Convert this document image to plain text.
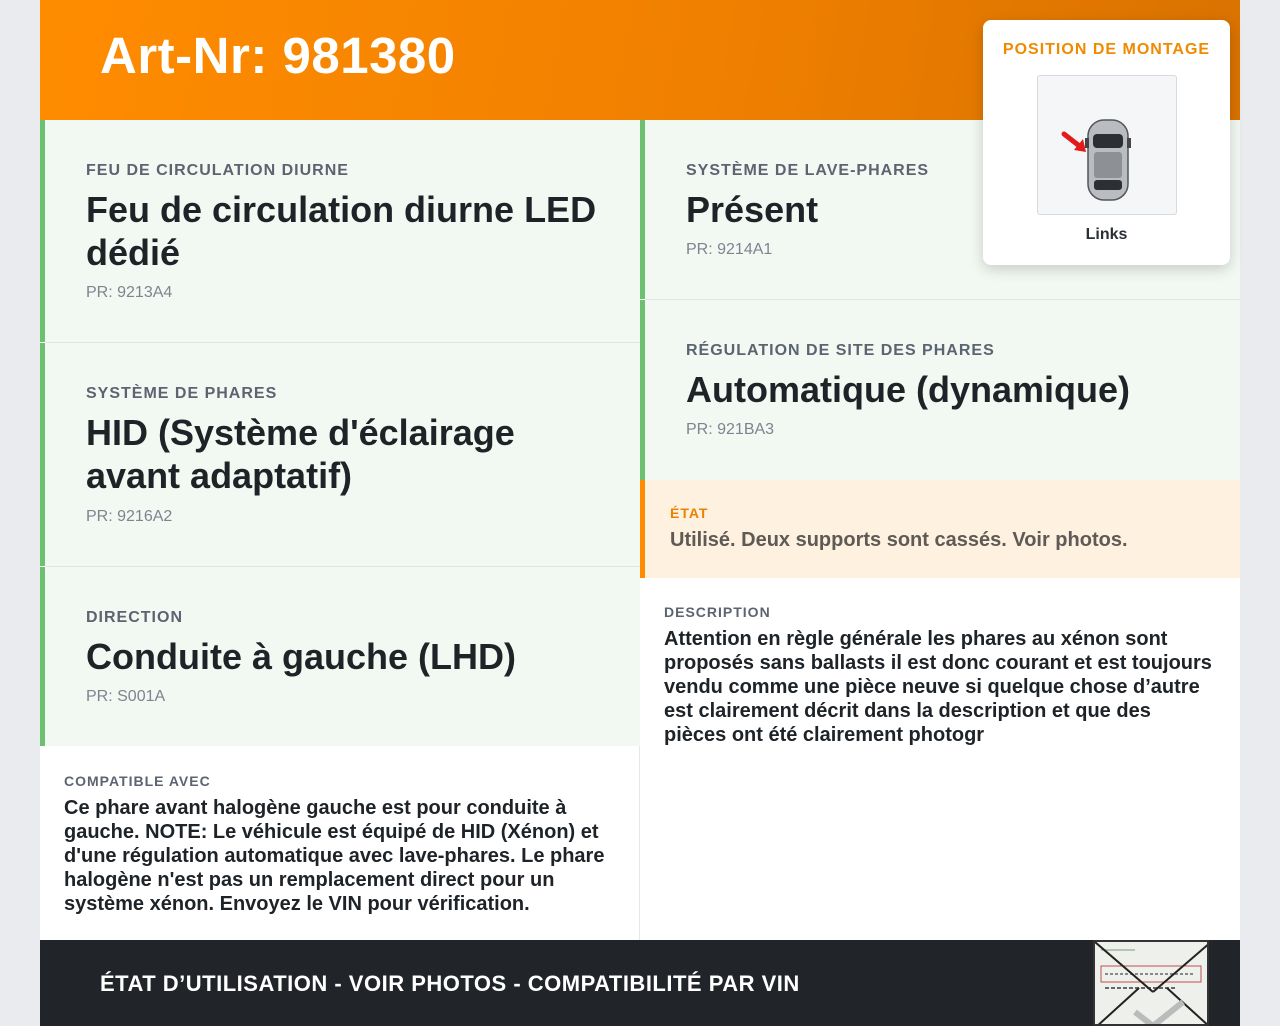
Art-Nr: 981380
FEU DE CIRCULATION DIURNE
Feu de circulation diurne LED
dédié
PR: 9213A4
SYSTÈME DE PHARES
HID (Système d'éclairage
avant adaptatif)
PR: 9216A2
DIRECTION
Conduite à gauche (LHD)
PR: S001A
SYSTÈME DE LAVE-PHARES
Présent
PR: 9214A1
RÉGULATION DE SITE DES PHARES
Automatique (dynamique)
PR: 921BA3
ÉTAT
Utilisé. Deux supports sont cassés. Voir photos.
COMPATIBLE AVEC
Ce phare avant halogène gauche est pour conduite à
gauche. NOTE: Le véhicule est équipé de HID (Xénon) et
d'une régulation automatique avec lave-phares. Le phare
halogène n'est pas un remplacement direct pour un
système xénon. Envoyez le VIN pour vérification.
DESCRIPTION
Attention en règle générale les phares au xénon sont
proposés sans ballasts il est donc courant et est toujours
vendu comme une pièce neuve si quelque chose d’autre
est clairement décrit dans la description et que des
pièces ont été clairement photogr
ÉTAT D’UTILISATION - VOIR PHOTOS - COMPATIBILITÉ PAR VIN
POSITION DE MONTAGE
Links
